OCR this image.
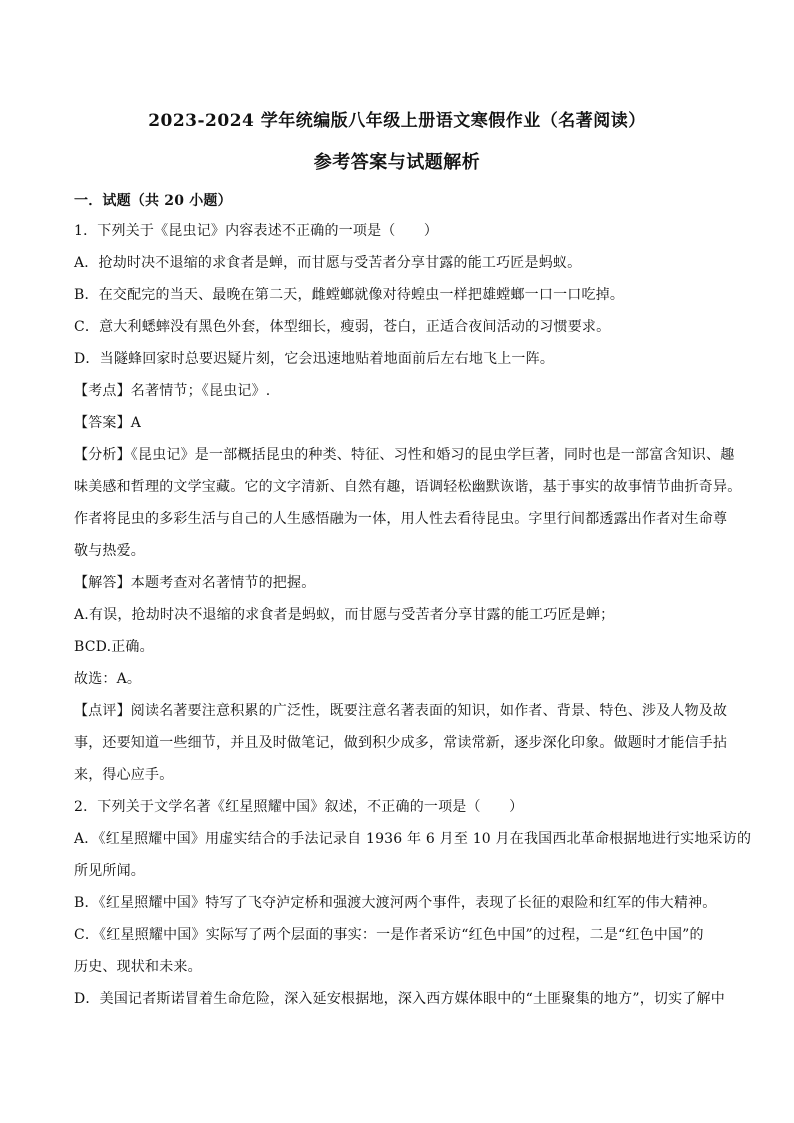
2023-2024 学年统编版八年级上册语文寒假作业（名著阅读）
参考答案与试题解析
一．试题（共 20 小题）
1．下列关于《昆虫记》内容表述不正确的一项是（　　）
A．抢劫时决不退缩的求食者是蝉，而甘愿与受苦者分享甘露的能工巧匠是蚂蚁。
B．在交配完的当天、最晚在第二天，雌螳螂就像对待蝗虫一样把雄螳螂一口一口吃掉。
C．意大利蟋蟀没有黑色外套，体型细长，瘦弱，苍白，正适合夜间活动的习惯要求。
D．当隧蜂回家时总要迟疑片刻，它会迅速地贴着地面前后左右地飞上一阵。
【考点】名著情节；《昆虫记》.
【答案】A
【分析】《昆虫记》是一部概括昆虫的种类、特征、习性和婚习的昆虫学巨著，同时也是一部富含知识、趣
味美感和哲理的文学宝藏。它的文字清新、自然有趣，语调轻松幽默诙谐，基于事实的故事情节曲折奇异。
作者将昆虫的多彩生活与自己的人生感悟融为一体，用人性去看待昆虫。字里行间都透露出作者对生命尊
敬与热爱。
【解答】本题考查对名著情节的把握。
A.有误，抢劫时决不退缩的求食者是蚂蚁，而甘愿与受苦者分享甘露的能工巧匠是蝉；
BCD.正确。
故选：A。
【点评】阅读名著要注意积累的广泛性，既要注意名著表面的知识，如作者、背景、特色、涉及人物及故
事，还要知道一些细节，并且及时做笔记，做到积少成多，常读常新，逐步深化印象。做题时才能信手拈
来，得心应手。
2．下列关于文学名著《红星照耀中国》叙述，不正确的一项是（　　）
A．《红星照耀中国》用虚实结合的手法记录自 1936 年 6 月至 10 月在我国西北革命根据地进行实地采访的
所见所闻。
B．《红星照耀中国》特写了飞夺泸定桥和强渡大渡河两个事件，表现了长征的艰险和红军的伟大精神。
C．《红星照耀中国》实际写了两个层面的事实：一是作者采访“红色中国”的过程，二是“红色中国”的
历史、现状和未来。
D．美国记者斯诺冒着生命危险，深入延安根据地，深入西方媒体眼中的“土匪聚集的地方”，切实了解中
